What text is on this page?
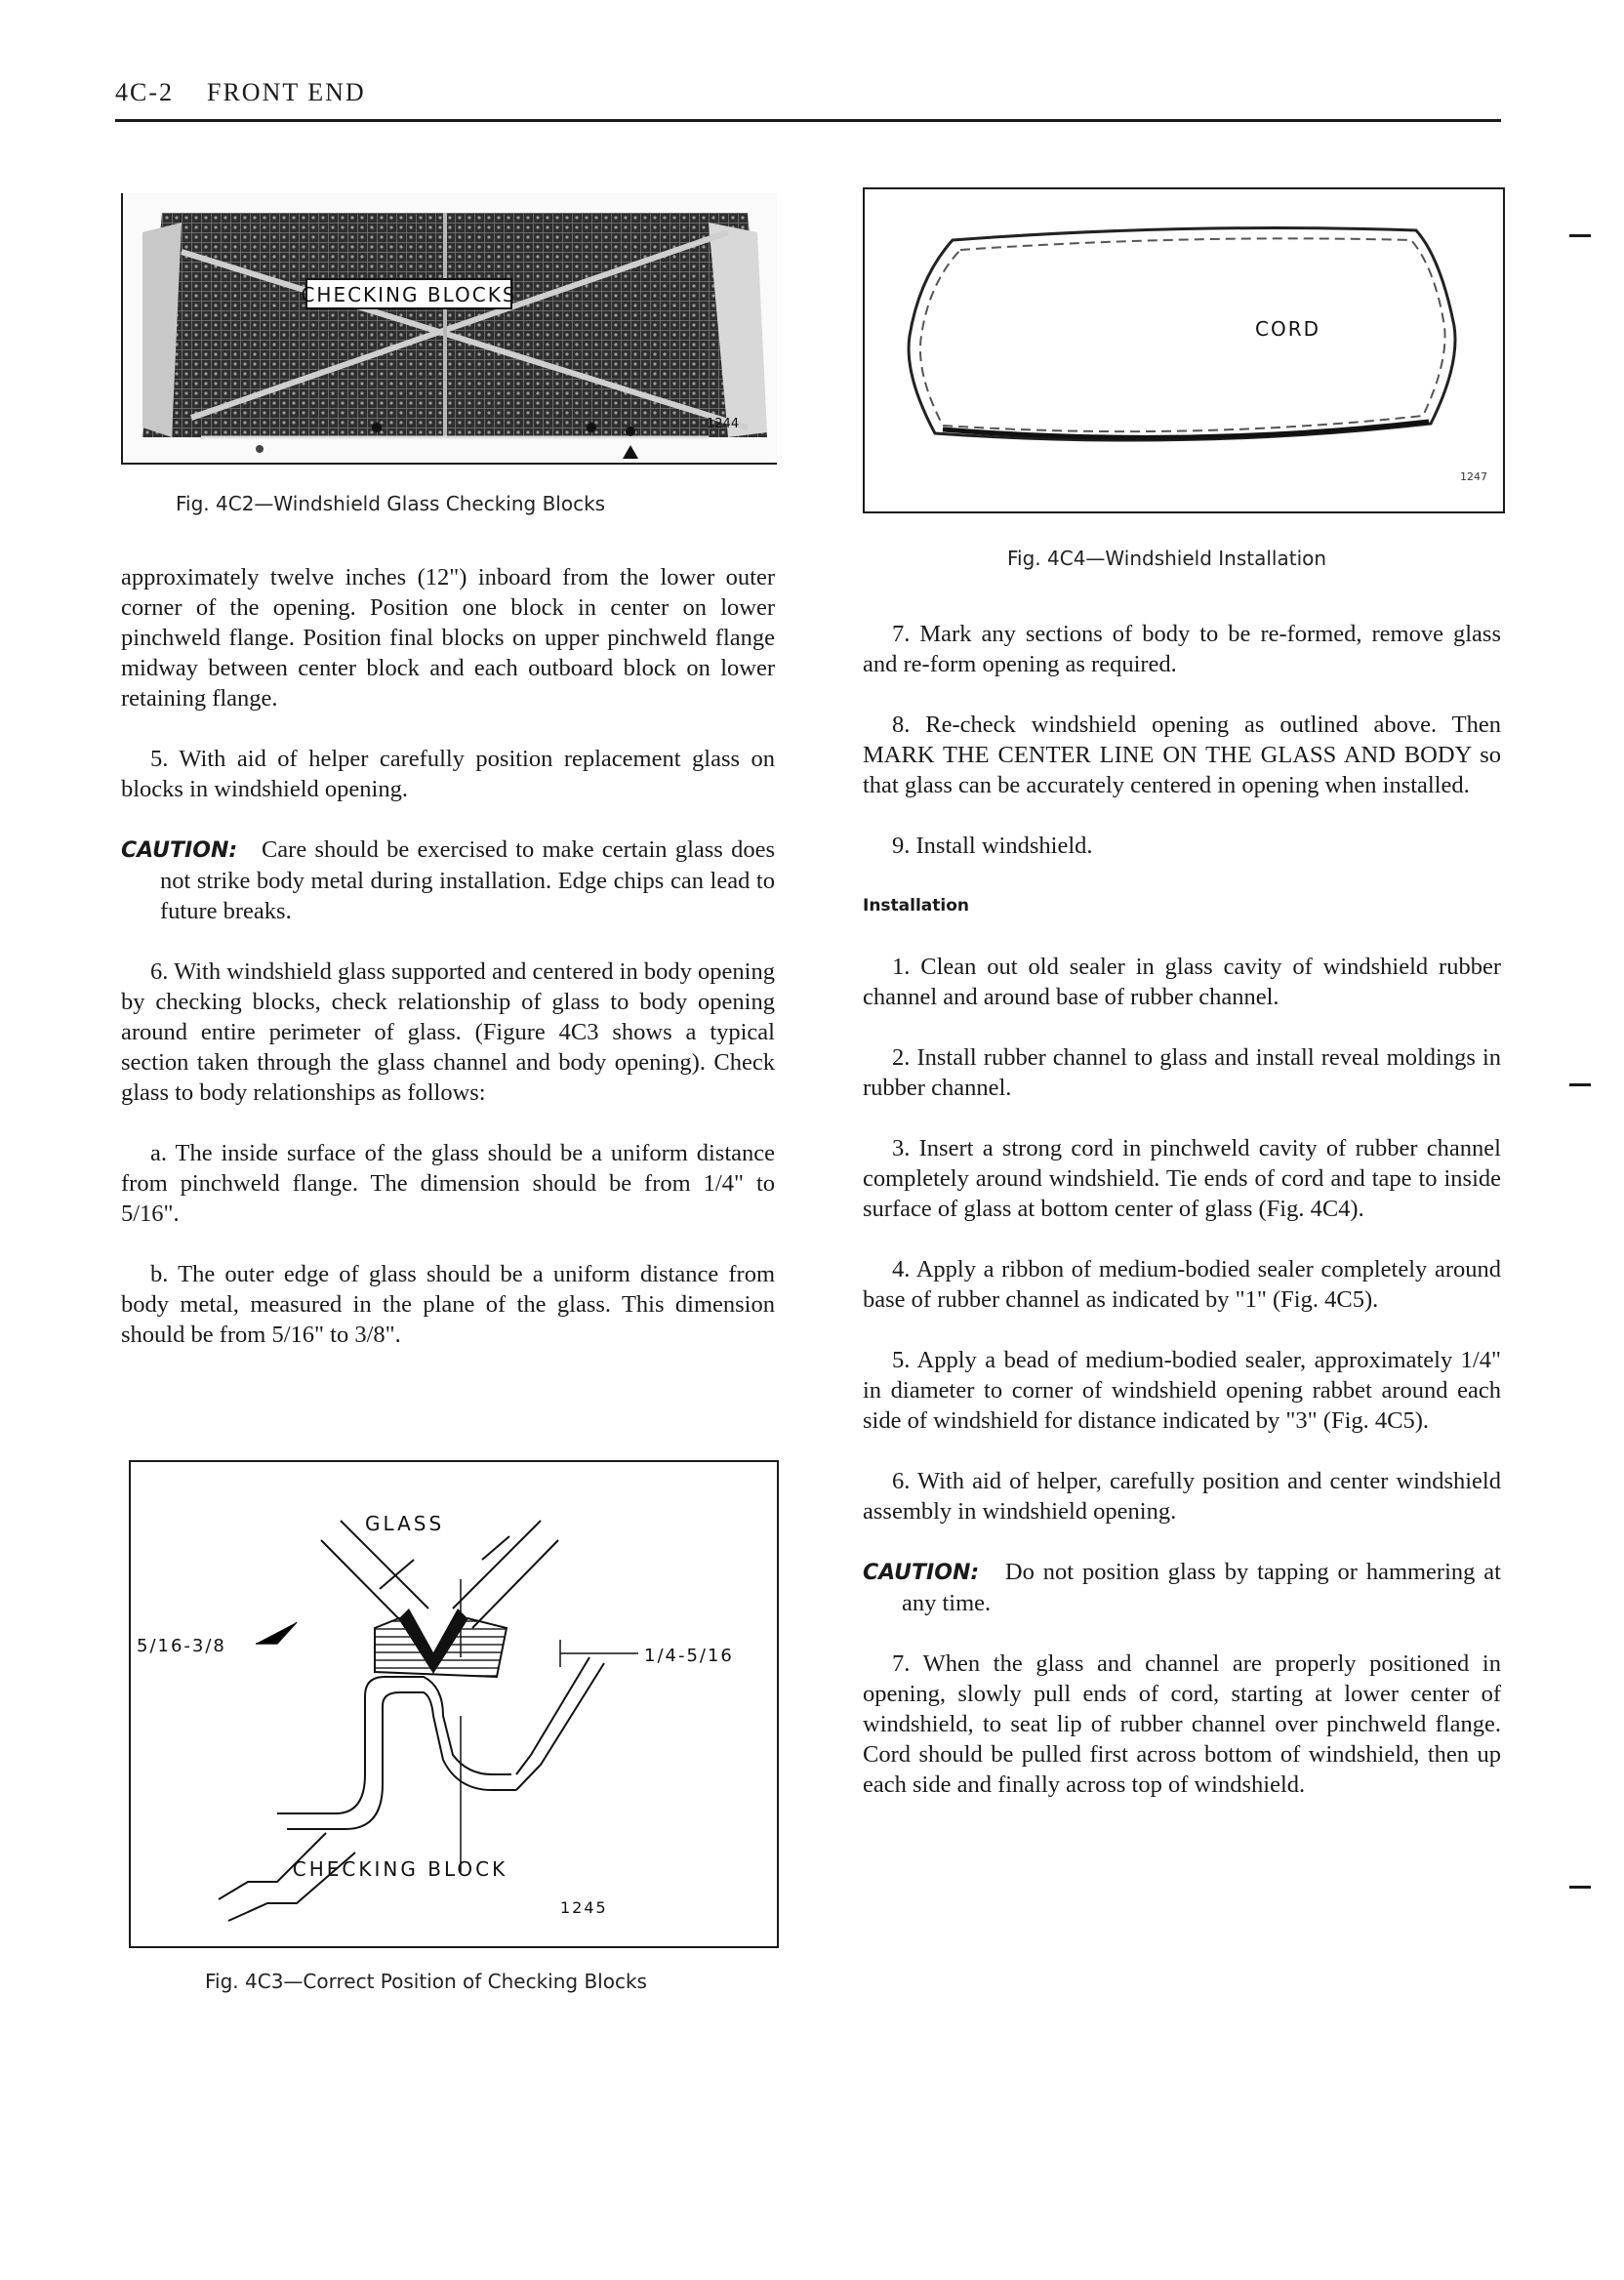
4C-2 FRONT END
CHECKING BLOCKS
1244
Fig. 4C2—Windshield Glass Checking Blocks
CORD
1247
Fig. 4C4—Windshield Installation

approximately twelve inches (12") inboard from the lower outer corner of the opening. Position one block in center on lower pinchweld flange. Position final blocks on upper pinchweld flange midway between center block and each outboard block on lower retaining flange.

5. With aid of helper carefully position replacement glass on blocks in windshield opening.

CAUTION: Care should be exercised to make certain glass does not strike body metal during installation. Edge chips can lead to future breaks.

6. With windshield glass supported and centered in body opening by checking blocks, check relationship of glass to body opening around entire perimeter of glass. (Figure 4C3 shows a typical section taken through the glass channel and body opening). Check glass to body relationships as follows:

a. The inside surface of the glass should be a uniform distance from pinchweld flange. The dimension should be from 1/4" to 5/16".

b. The outer edge of glass should be a uniform distance from body metal, measured in the plane of the glass. This dimension should be from 5/16" to 3/8".

GLASS
5/16-3/8	1/4-5/16
CHECKING BLOCK
1245
Fig. 4C3—Correct Position of Checking Blocks

7. Mark any sections of body to be re-formed, remove glass and re-form opening as required.

8. Re-check windshield opening as outlined above. Then MARK THE CENTER LINE ON THE GLASS AND BODY so that glass can be accurately centered in opening when installed.

9. Install windshield.

Installation

1. Clean out old sealer in glass cavity of windshield rubber channel and around base of rubber channel.

2. Install rubber channel to glass and install reveal moldings in rubber channel.

3. Insert a strong cord in pinchweld cavity of rubber channel completely around windshield. Tie ends of cord and tape to inside surface of glass at bottom center of glass (Fig. 4C4).

4. Apply a ribbon of medium-bodied sealer completely around base of rubber channel as indicated by "1" (Fig. 4C5).

5. Apply a bead of medium-bodied sealer, approximately 1/4" in diameter to corner of windshield opening rabbet around each side of windshield for distance indicated by "3" (Fig. 4C5).

6. With aid of helper, carefully position and center windshield assembly in windshield opening.

CAUTION: Do not position glass by tapping or hammering at any time.

7. When the glass and channel are properly positioned in opening, slowly pull ends of cord, starting at lower center of windshield, to seat lip of rubber channel over pinchweld flange. Cord should be pulled first across bottom of windshield, then up each side and finally across top of windshield.
